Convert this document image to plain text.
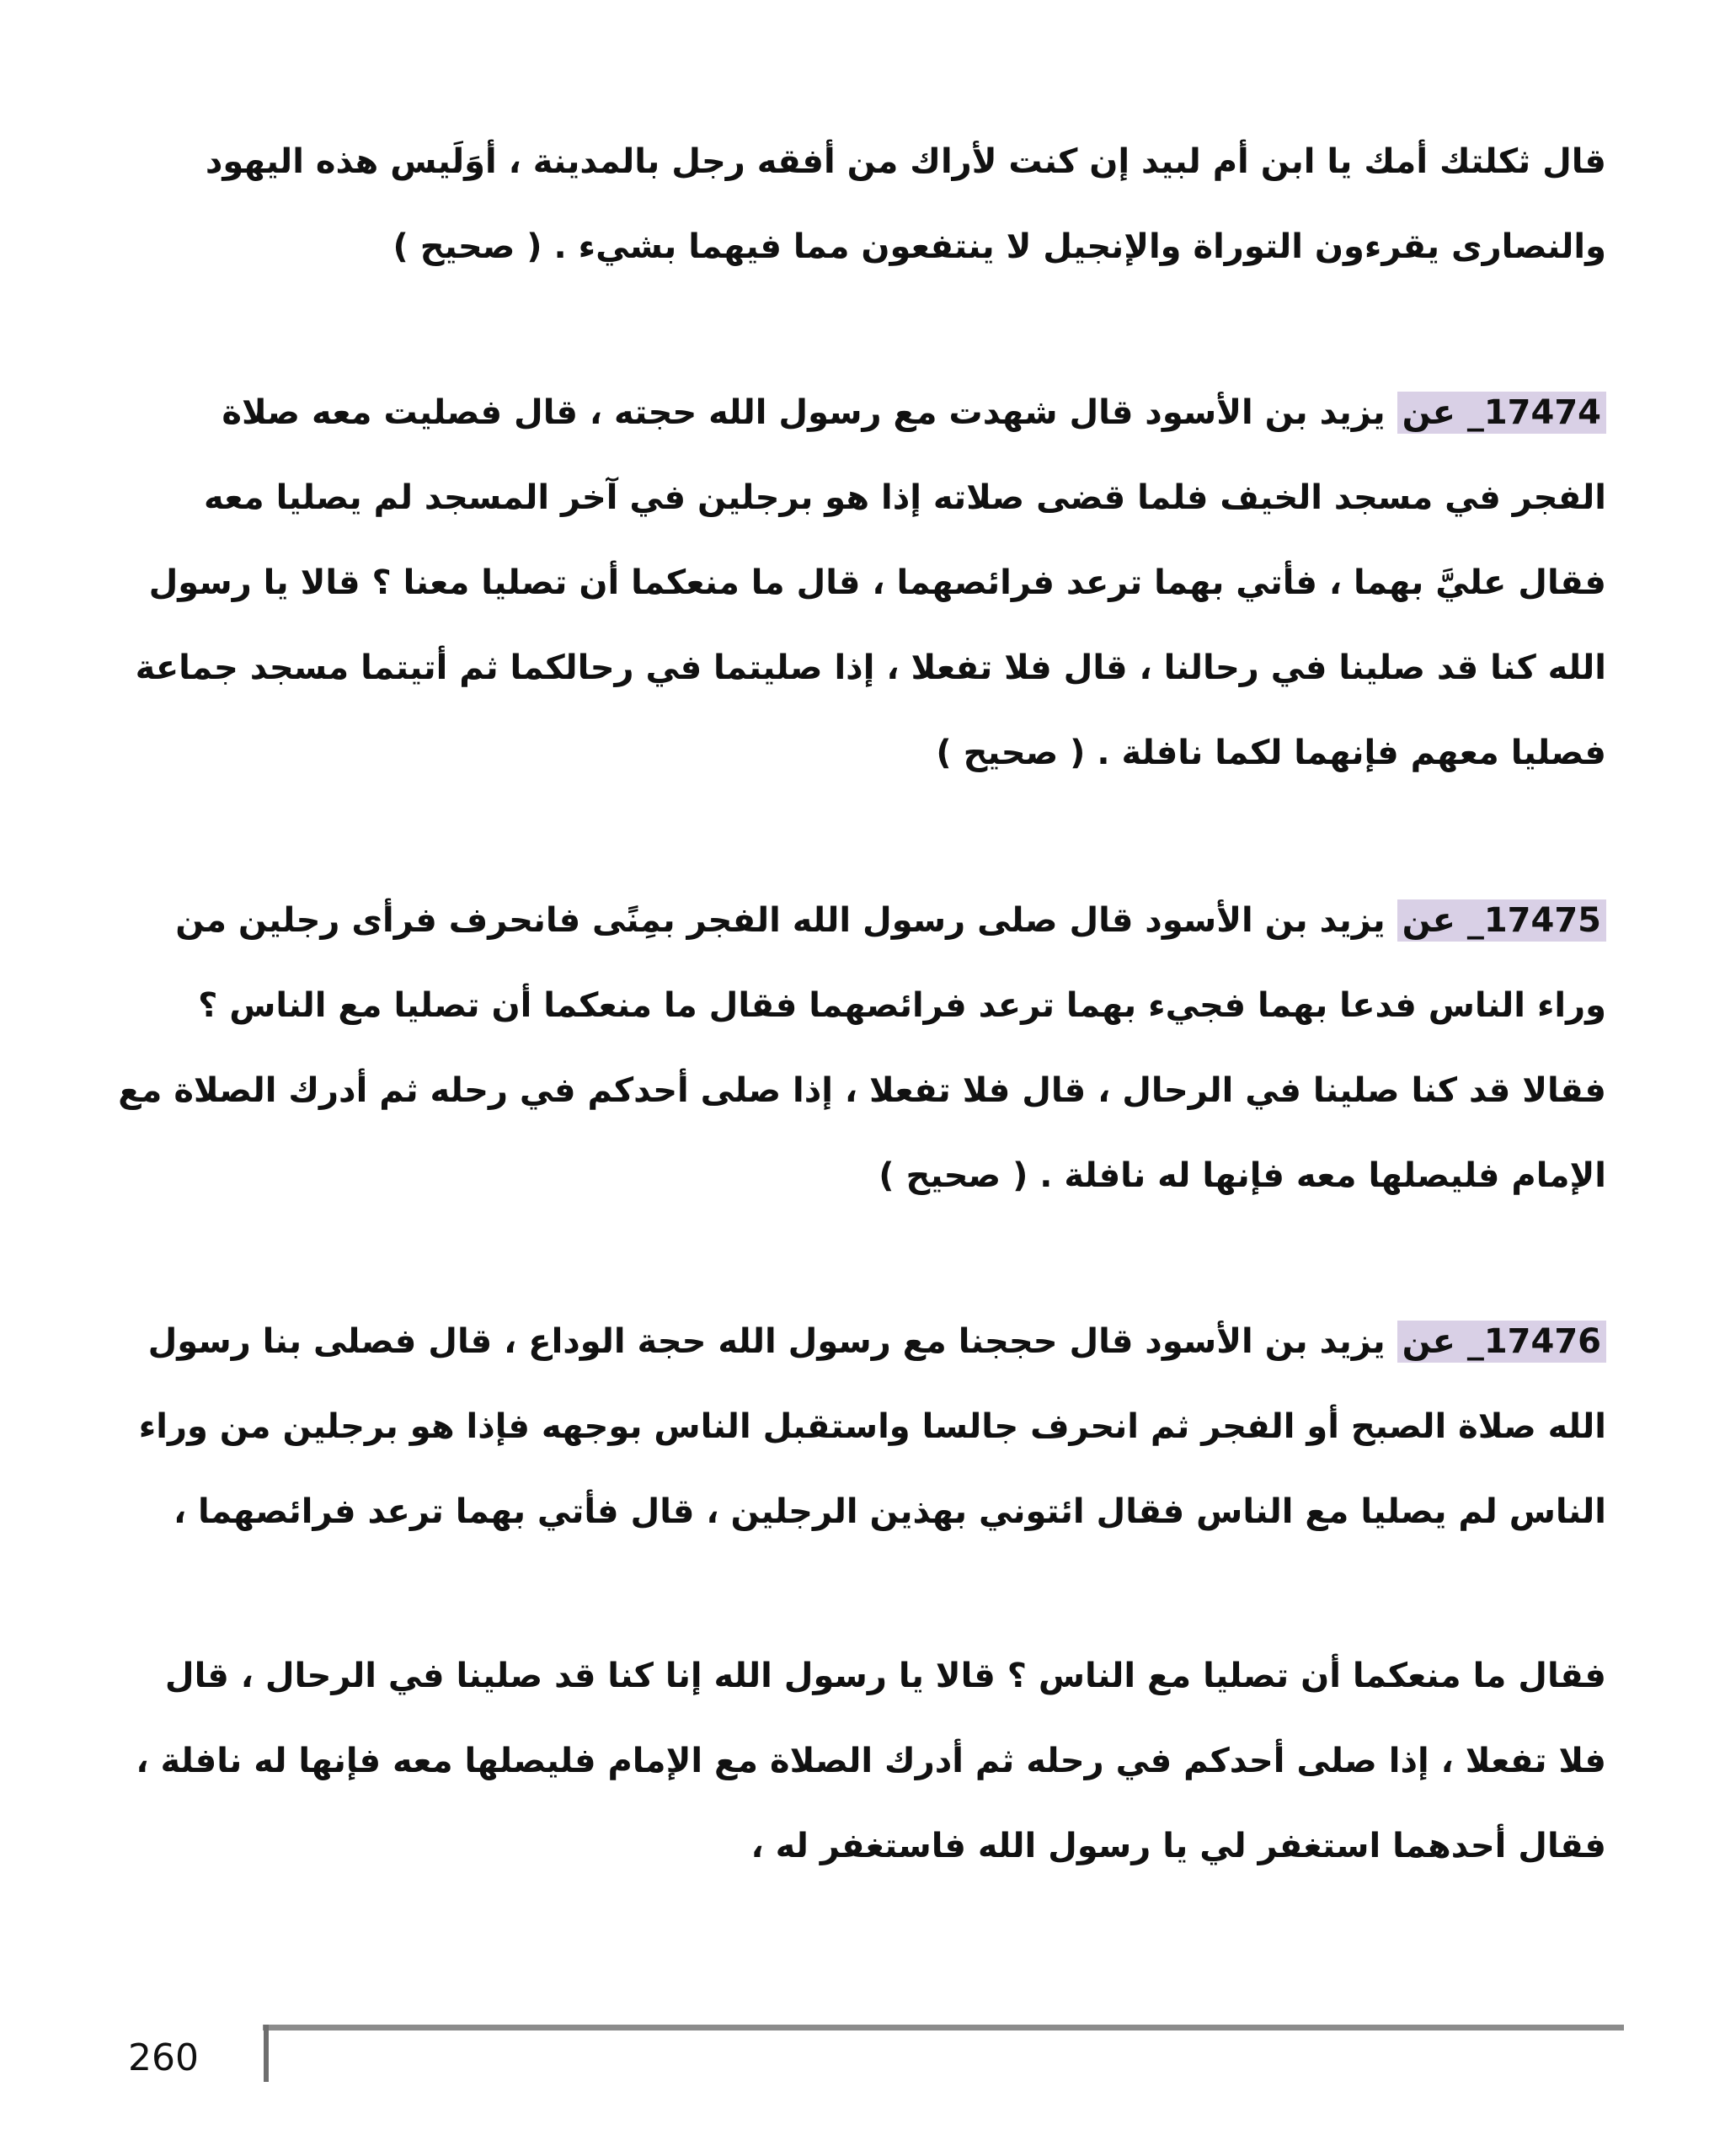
قال ثكلتك أمك يا ابن أم لبيد إن كنت لأراك من أفقه رجل بالمدينة ، أوَلَيس هذه اليهود والنصارى يقرءون التوراة والإنجيل لا ينتفعون مما فيهما بشيء . ( صحيح )

17474_ عن يزيد بن الأسود قال شهدت مع رسول الله حجته ، قال فصليت معه صلاة الفجر في مسجد الخيف فلما قضى صلاته إذا هو برجلين في آخر المسجد لم يصليا معه فقال عليَّ بهما ، فأتي بهما ترعد فرائصهما ، قال ما منعكما أن تصليا معنا ؟ قالا يا رسول الله كنا قد صلينا في رحالنا ، قال فلا تفعلا ، إذا صليتما في رحالكما ثم أتيتما مسجد جماعة فصليا معهم فإنهما لكما نافلة . ( صحيح )

17475_ عن يزيد بن الأسود قال صلى رسول الله الفجر بمِنًى فانحرف فرأى رجلين من وراء الناس فدعا بهما فجيء بهما ترعد فرائصهما فقال ما منعكما أن تصليا مع الناس ؟ فقالا قد كنا صلينا في الرحال ، قال فلا تفعلا ، إذا صلى أحدكم في رحله ثم أدرك الصلاة مع الإمام فليصلها معه فإنها له نافلة . ( صحيح )

17476_ عن يزيد بن الأسود قال حججنا مع رسول الله حجة الوداع ، قال فصلى بنا رسول الله صلاة الصبح أو الفجر ثم انحرف جالسا واستقبل الناس بوجهه فإذا هو برجلين من وراء الناس لم يصليا مع الناس فقال ائتوني بهذين الرجلين ، قال فأتي بهما ترعد فرائصهما ،

فقال ما منعكما أن تصليا مع الناس ؟ قالا يا رسول الله إنا كنا قد صلينا في الرحال ، قال فلا تفعلا ، إذا صلى أحدكم في رحله ثم أدرك الصلاة مع الإمام فليصلها معه فإنها له نافلة ، فقال أحدهما استغفر لي يا رسول الله فاستغفر له ،

260
